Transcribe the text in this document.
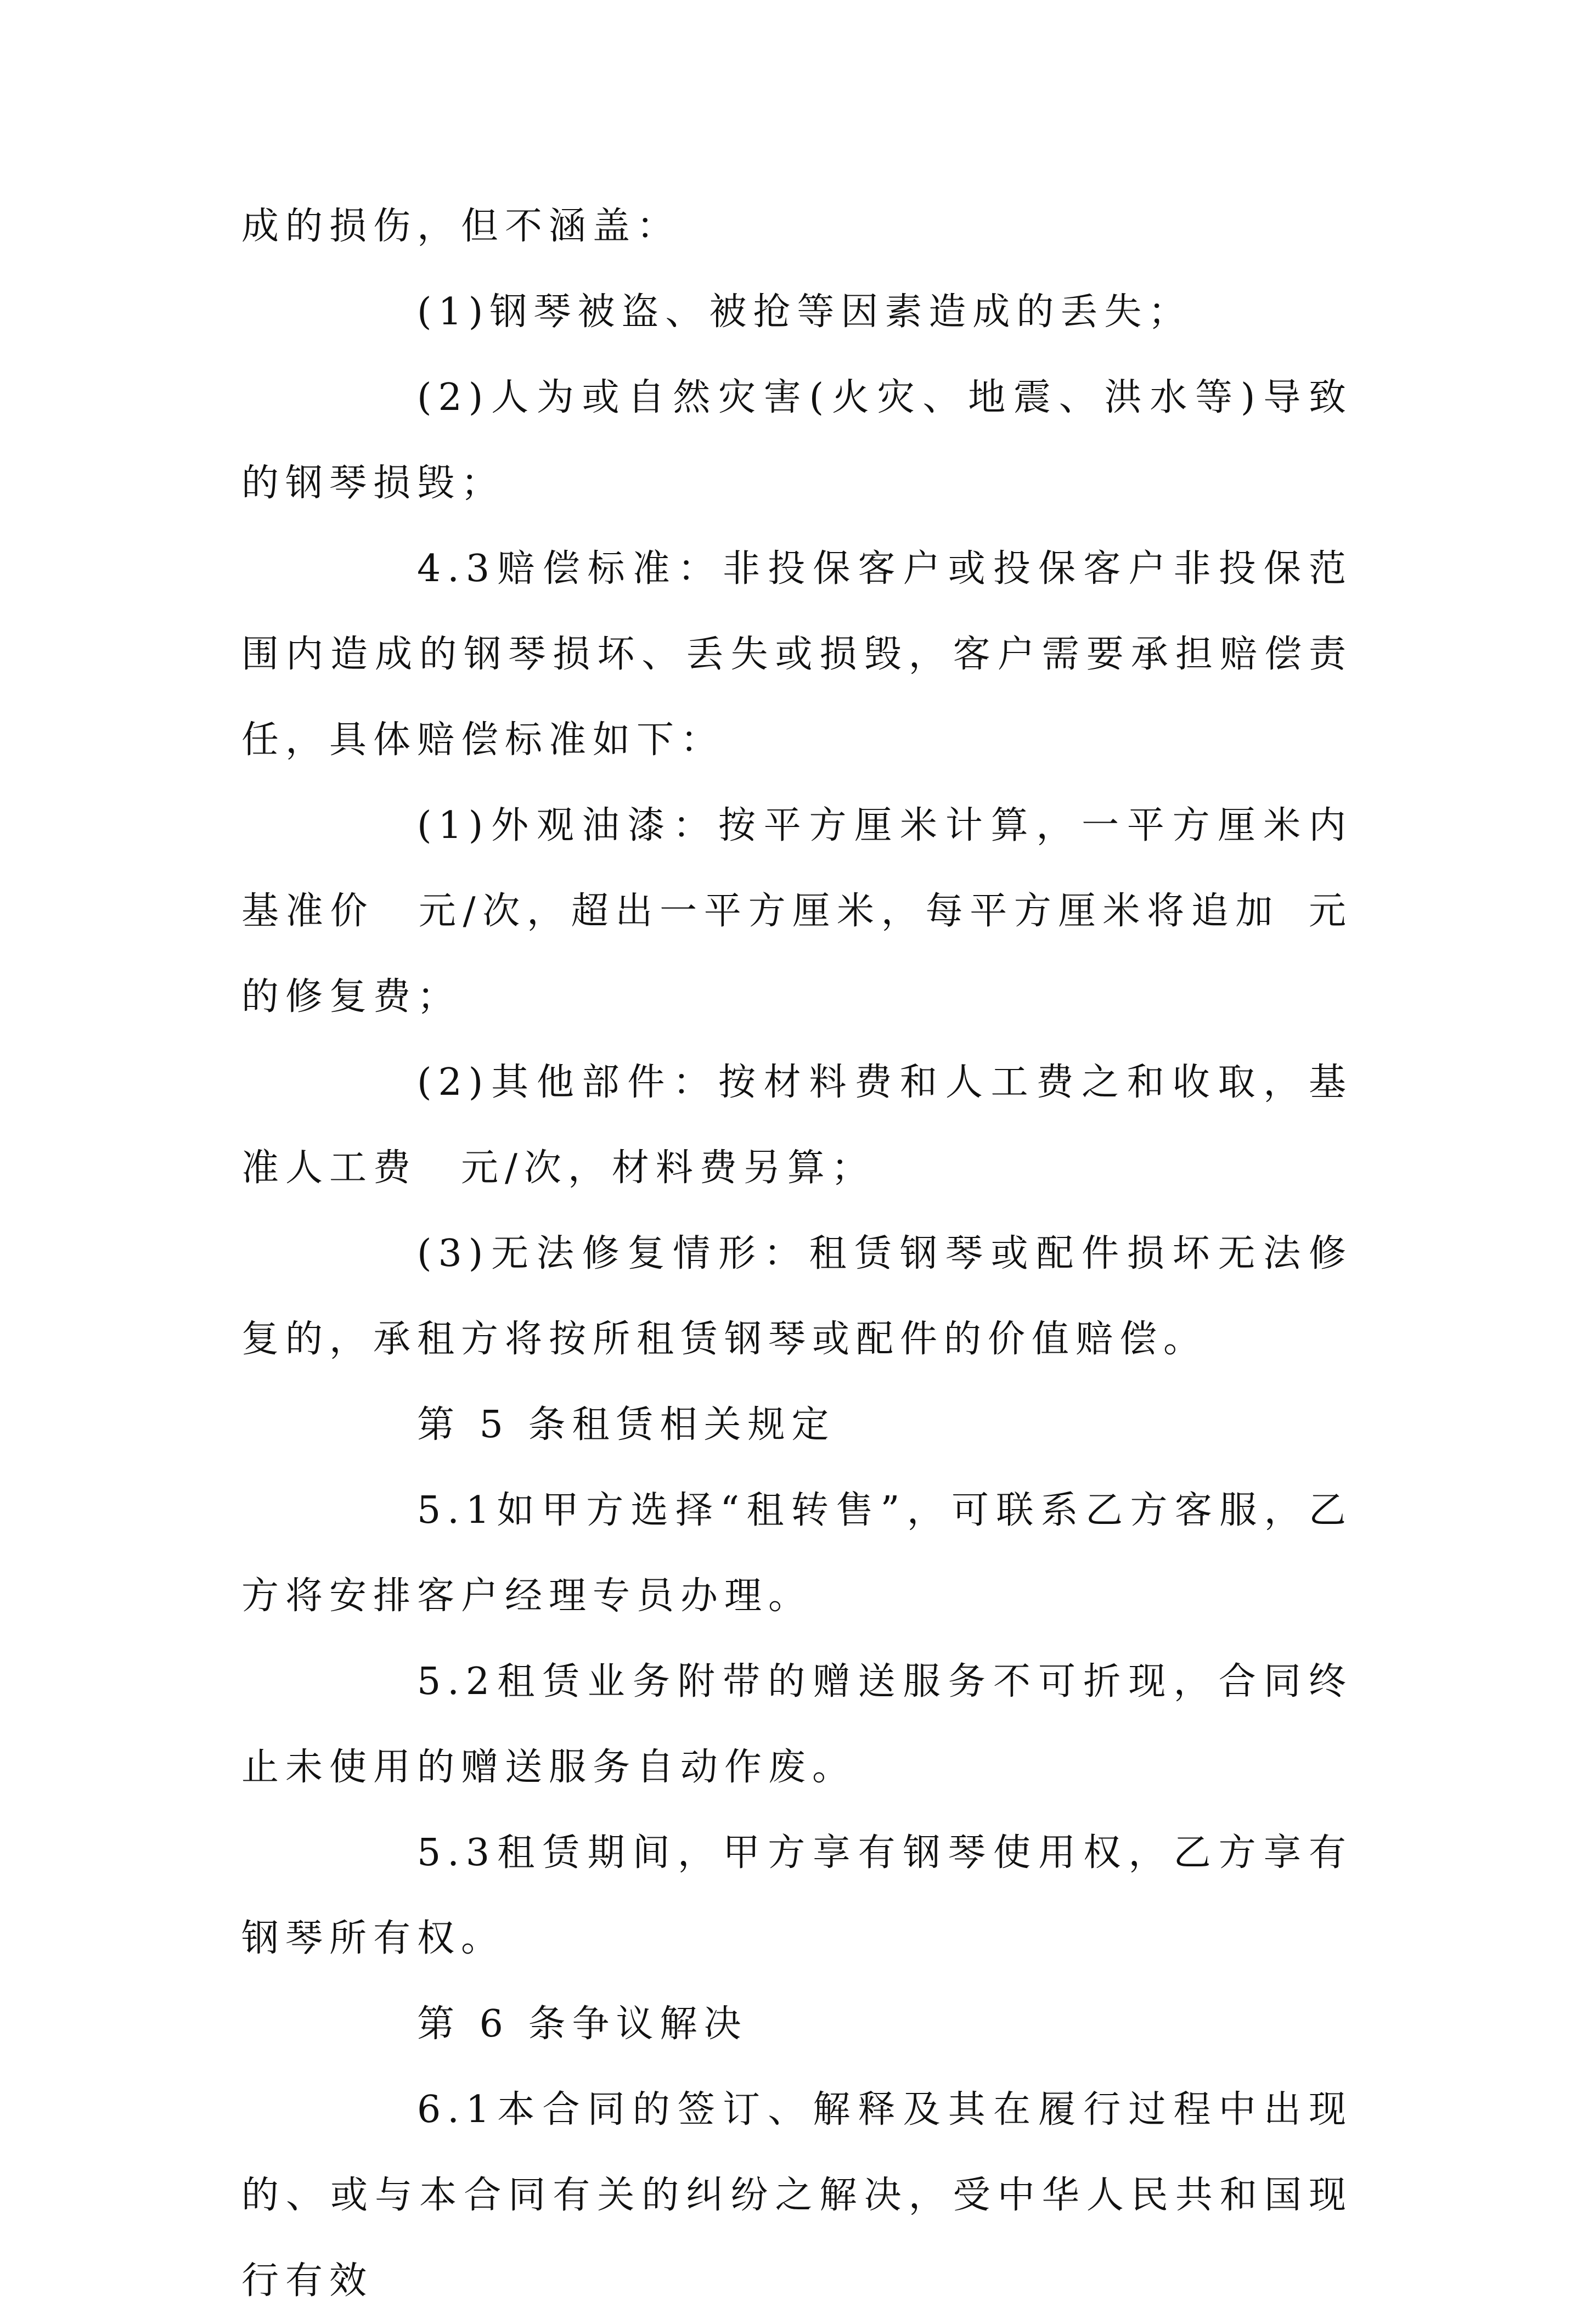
成的损伤，但不涵盖：

(1)钢琴被盗、被抢等因素造成的丢失；

(2)人为或自然灾害(火灾、地震、洪水等)导致的钢琴损毁；

4.3赔偿标准：非投保客户或投保客户非投保范围内造成的钢琴损坏、丢失或损毁，客户需要承担赔偿责任，具体赔偿标准如下：

(1)外观油漆：按平方厘米计算，一平方厘米内基准价 元/次，超出一平方厘米，每平方厘米将追加 元的修复费；

(2)其他部件：按材料费和人工费之和收取，基准人工费 元/次，材料费另算；

(3)无法修复情形：租赁钢琴或配件损坏无法修复的，承租方将按所租赁钢琴或配件的价值赔偿。

第 5 条租赁相关规定

5.1如甲方选择“租转售”，可联系乙方客服，乙方将安排客户经理专员办理。

5.2租赁业务附带的赠送服务不可折现，合同终止未使用的赠送服务自动作废。

5.3租赁期间，甲方享有钢琴使用权，乙方享有钢琴所有权。

第 6 条争议解决

6.1本合同的签订、解释及其在履行过程中出现的、或与本合同有关的纠纷之解决，受中华人民共和国现行有效
